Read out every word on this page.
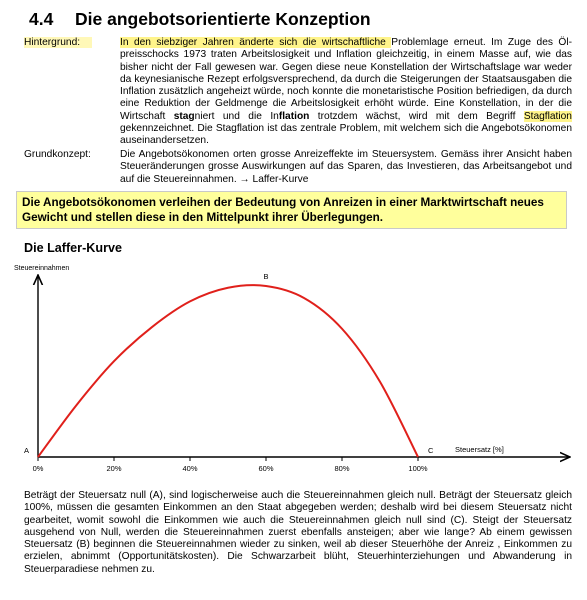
4.4 Die angebotsorientierte Konzeption
Hintergrund:	In den siebziger Jahren änderte sich die wirtschaftliche Problemlage erneut. Im Zuge des Ölpreisschocks 1973 traten Arbeitslosigkeit und Inflation gleichzeitig, in einem Masse auf, wie das bisher nicht der Fall gewesen war. Gegen diese neue Konstellation der Wirtschaftslage war weder da keynesianische Rezept erfolgsversprechend, da durch die Steigerungen der Staatsausgaben die Inflation zusätzlich angeheizt würde, noch konnte die monetaristische Position befriedigen, da durch eine Reduktion der Geldmenge die Arbeitslosigkeit erhöht würde. Eine Konstellation, in der die Wirtschaft stagniert und die Inflation trotzdem wächst, wird mit dem Begriff Stagflation gekennzeichnet. Die Stagflation ist das zentrale Problem, mit welchem sich die Angebotsökonomen auseinandersetzen.
Grundkonzept:	Die Angebotsökonomen orten grosse Anreizeffekte im Steuersystem. Gemäss ihrer Ansicht haben Steueränderungen grosse Auswirkungen auf das Sparen, das Investieren, das Arbeitsangebot und auf die Steuereinnahmen. → Laffer-Kurve
Die Angebotsökonomen verleihen der Bedeutung von Anreizen in einer Marktwirtschaft neues Gewicht und stellen diese in den Mittelpunkt ihrer Überlegungen.
Die Laffer-Kurve
Steuereinnahmen
Steuersatz [%]
0%	20%	40%	60%	80%	100%
A
B
C
Beträgt der Steuersatz null (A), sind logischerweise auch die Steuereinnahmen gleich null. Beträgt der Steuersatz gleich 100%, müssen die gesamten Einkommen an den Staat abgegeben werden; deshalb wird bei diesem Steuersatz nicht gearbeitet, womit sowohl die Einkommen wie auch die Steuereinnahmen gleich null sind (C). Steigt der Steuersatz ausgehend von Null, werden die Steuereinnahmen zuerst ebenfalls ansteigen; aber wie lange? Ab einem gewissen Steuersatz (B) beginnen die Steuereinnahmen wieder zu sinken, weil ab dieser Steuerhöhe der Anreiz , Einkommen zu erzielen, abnimmt (Opportunitätskosten). Die Schwarzarbeit blüht, Steuerhinterziehungen und Abwanderung in Steuerparadiese nehmen zu.
